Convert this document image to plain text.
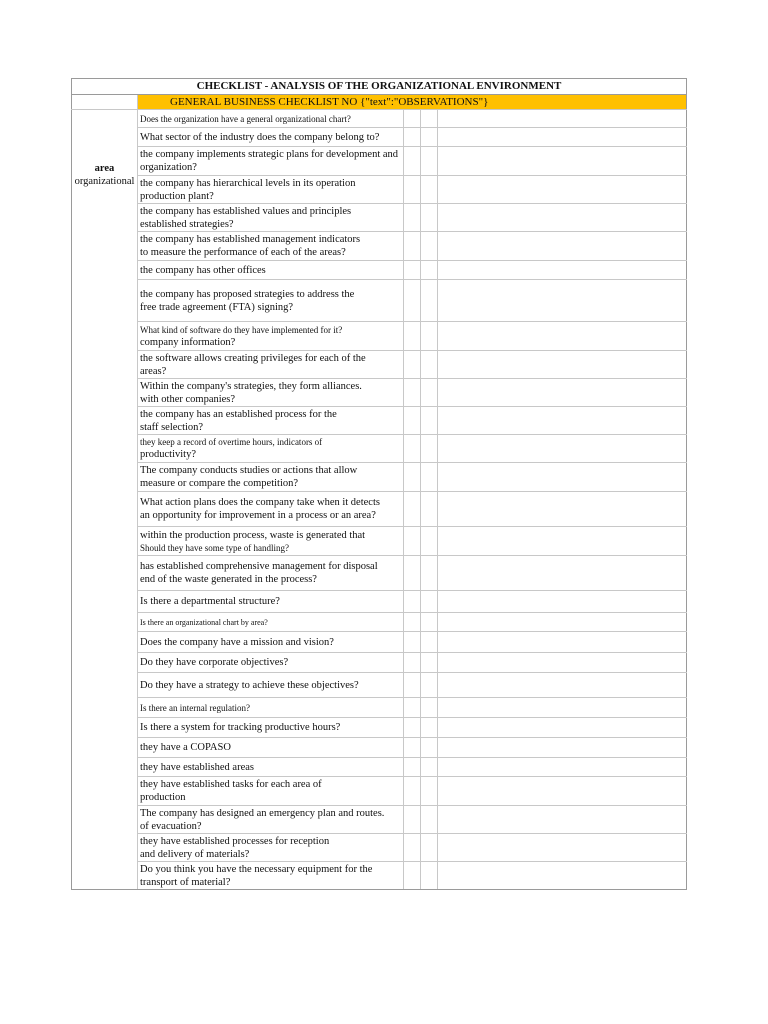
CHECKLIST - ANALYSIS OF THE ORGANIZATIONAL ENVIRONMENT				
	GENERAL BUSINESS CHECKLIST NO {"text":"OBSERVATIONS"}			

area
organizational	Does the organization have a general organizational chart?			

	What sector of the industry does the company belong to?			

	the company implements strategic plans for development and
organization?			

	the company has hierarchical levels in its operation
production plant?			

	the company has established values and principles
established strategies?			

	the company has established management indicators
to measure the performance of each of the areas?			

	the company has other offices			

	the company has proposed strategies to address the
free trade agreement (FTA) signing?			

	What kind of software do they have implemented for it?
company information?			

	the software allows creating privileges for each of the
areas?			

	Within the company's strategies, they form alliances.
with other companies?			

	the company has an established process for the
staff selection?			

	they keep a record of overtime hours, indicators of
productivity?			

	The company conducts studies or actions that allow
measure or compare the competition?			

	What action plans does the company take when it detects
an opportunity for improvement in a process or an area?			

	within the production process, waste is generated that
Should they have some type of handling?			

	has established comprehensive management for disposal
end of the waste generated in the process?			

	Is there a departmental structure?			

	Is there an organizational chart by area?			

	Does the company have a mission and vision?			

	Do they have corporate objectives?			

	Do they have a strategy to achieve these objectives?			

	Is there an internal regulation?			

	Is there a system for tracking productive hours?			

	they have a COPASO			

	they have established areas			

	they have established tasks for each area of
production			

	The company has designed an emergency plan and routes.
of evacuation?			

	they have established processes for reception
and delivery of materials?			

	Do you think you have the necessary equipment for the
transport of material?			
